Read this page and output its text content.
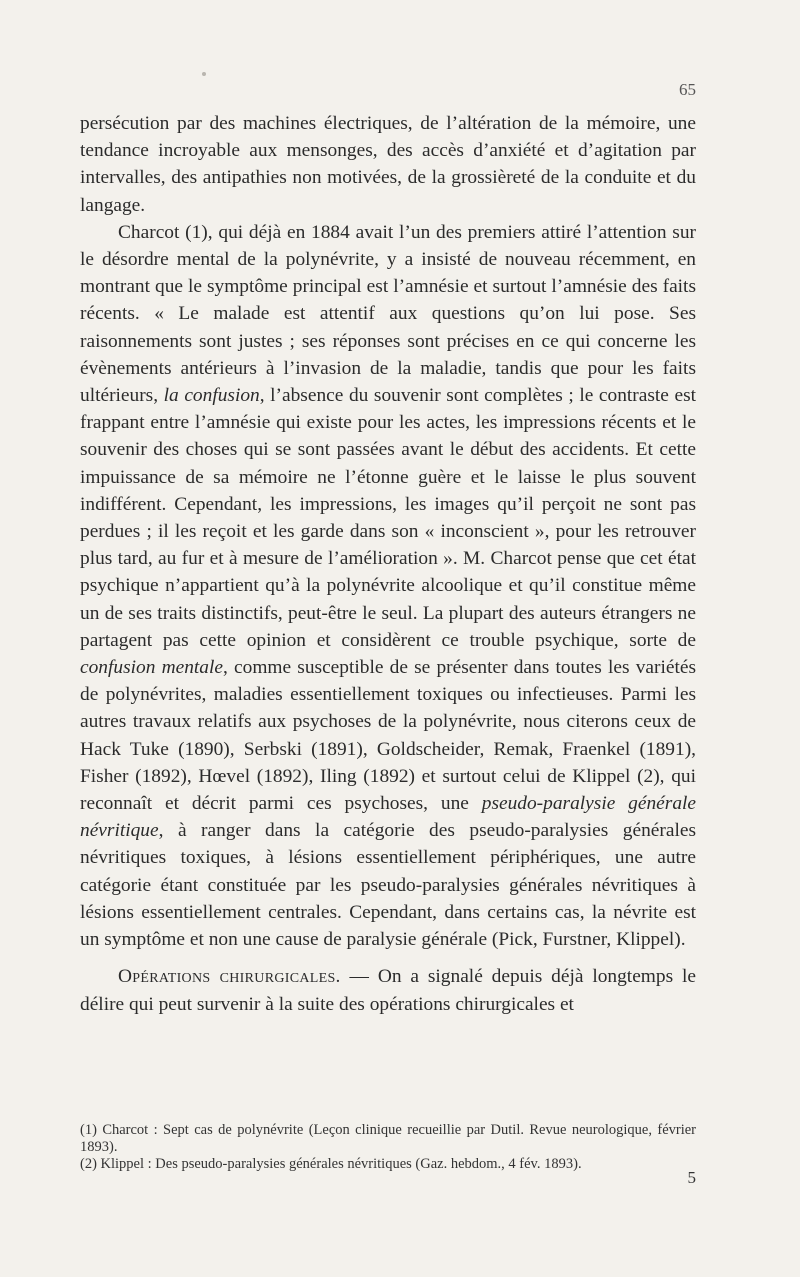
65

persécution par des machines électriques, de l’altération de la mémoire, une tendance incroyable aux mensonges, des accès d’anxiété et d’agitation par intervalles, des antipathies non motivées, de la grossièreté de la conduite et du langage.

Charcot (1), qui déjà en 1884 avait l’un des premiers attiré l’attention sur le désordre mental de la polynévrite, y a insisté de nouveau récemment, en montrant que le symptôme principal est l’amnésie et surtout l’amnésie des faits récents. « Le malade est attentif aux questions qu’on lui pose. Ses raisonnements sont justes ; ses réponses sont précises en ce qui concerne les évènements antérieurs à l’invasion de la maladie, tandis que pour les faits ultérieurs, la confusion, l’absence du souvenir sont complètes ; le contraste est frappant entre l’amnésie qui existe pour les actes, les impressions récents et le souvenir des choses qui se sont passées avant le début des accidents. Et cette impuissance de sa mémoire ne l’étonne guère et le laisse le plus souvent indifférent. Cependant, les impressions, les images qu’il perçoit ne sont pas perdues ; il les reçoit et les garde dans son « inconscient », pour les retrouver plus tard, au fur et à mesure de l’amélioration ». M. Charcot pense que cet état psychique n’appartient qu’à la polynévrite alcoolique et qu’il constitue même un de ses traits distinctifs, peut-être le seul. La plupart des auteurs étrangers ne partagent pas cette opinion et considèrent ce trouble psychique, sorte de confusion mentale, comme susceptible de se présenter dans toutes les variétés de polynévrites, maladies essentiellement toxiques ou infectieuses. Parmi les autres travaux relatifs aux psychoses de la polynévrite, nous citerons ceux de Hack Tuke (1890), Serbski (1891), Goldscheider, Remak, Fraenkel (1891), Fisher (1892), Hœvel (1892), Iling (1892) et surtout celui de Klippel (2), qui reconnaît et décrit parmi ces psychoses, une pseudo-paralysie générale névritique, à ranger dans la catégorie des pseudo-paralysies générales névritiques toxiques, à lésions essentiellement périphériques, une autre catégorie étant constituée par les pseudo-paralysies générales névritiques à lésions essentiellement centrales. Cependant, dans certains cas, la névrite est un symptôme et non une cause de paralysie générale (Pick, Furstner, Klippel).

Opérations chirurgicales. — On a signalé depuis déjà longtemps le délire qui peut survenir à la suite des opérations chirurgicales et

(1) Charcot : Sept cas de polynévrite (Leçon clinique recueillie par Dutil. Revue neurologique, février 1893).

(2) Klippel : Des pseudo-paralysies générales névritiques (Gaz. hebdom., 4 fév. 1893).

5
